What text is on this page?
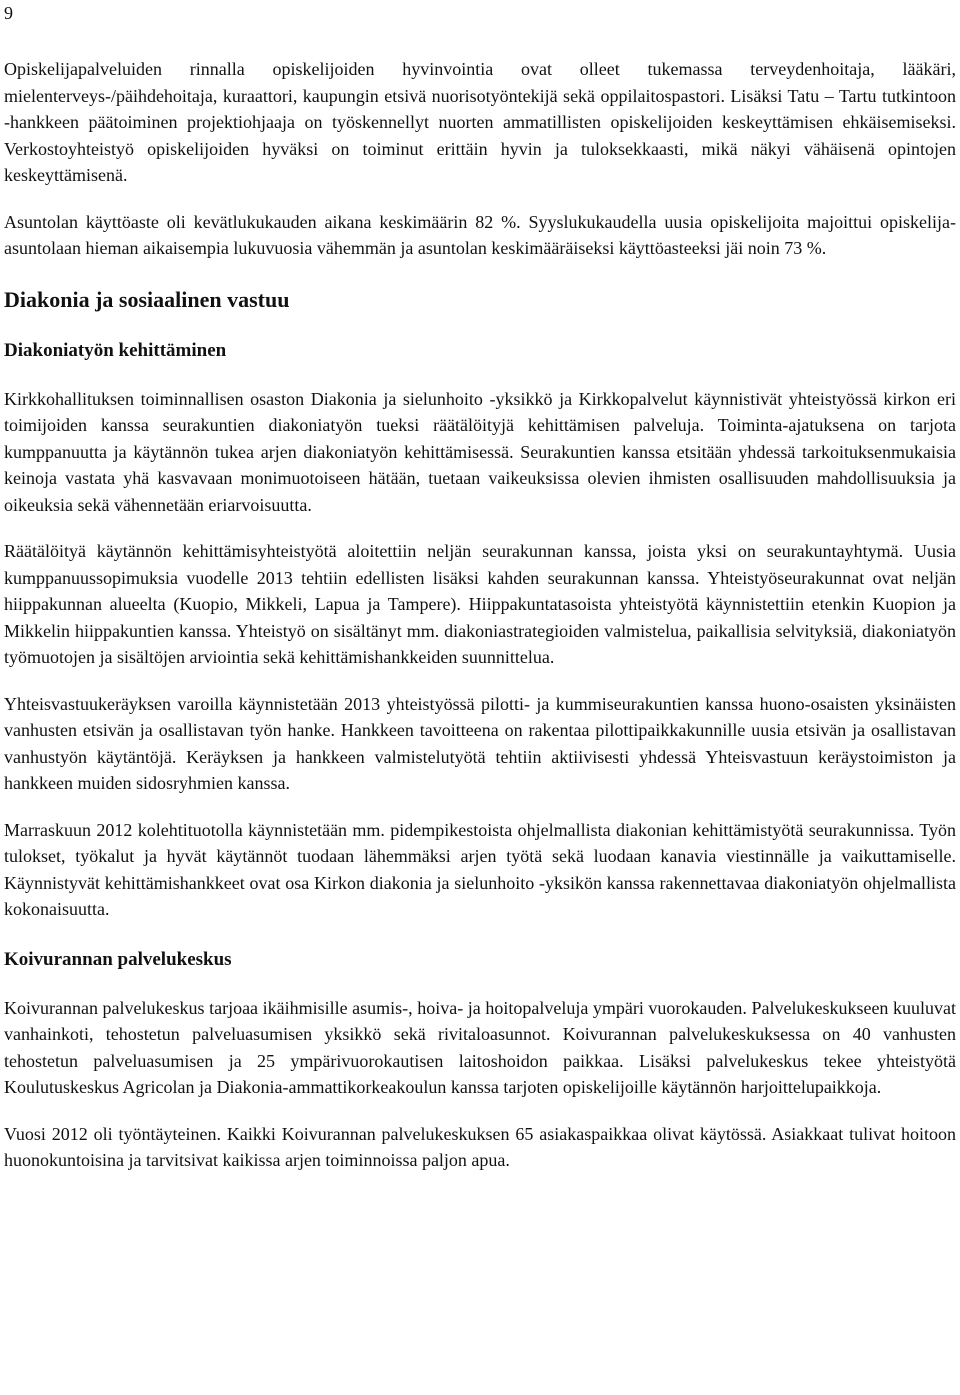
9

Opiskelijapalveluiden rinnalla opiskelijoiden hyvinvointia ovat olleet tukemassa terveydenhoitaja, lääkäri, mielenterveys-/päihdehoitaja, kuraattori, kaupungin etsivä nuorisotyöntekijä sekä oppilaitospastori. Lisäksi Tatu – Tartu tutkintoon -hankkeen päätoiminen projektiohjaaja on työskennellyt nuorten ammatillisten opiskelijoiden keskeyttämisen ehkäisemiseksi. Verkostoyhteistyö opiskelijoiden hyväksi on toiminut erittäin hyvin ja tuloksekkaasti, mikä näkyi vähäisenä opintojen keskeyttämisenä.

Asuntolan käyttöaste oli kevätlukukauden aikana keskimäärin 82 %. Syyslukukaudella uusia opiskelijoita majoittui opiskelija-asuntolaan hieman aikaisempia lukuvuosia vähemmän ja asuntolan keskimääräiseksi käyttöasteeksi jäi noin 73 %.

Diakonia ja sosiaalinen vastuu
Diakoniatyön kehittäminen

Kirkkohallituksen toiminnallisen osaston Diakonia ja sielunhoito -yksikkö ja Kirkkopalvelut käynnistivät yhteistyössä kirkon eri toimijoiden kanssa seurakuntien diakoniatyön tueksi räätälöityjä kehittämisen palveluja. Toiminta-ajatuksena on tarjota kumppanuutta ja käytännön tukea arjen diakoniatyön kehittämisessä. Seurakuntien kanssa etsitään yhdessä tarkoituksenmukaisia keinoja vastata yhä kasvavaan monimuotoiseen hätään, tuetaan vaikeuksissa olevien ihmisten osallisuuden mahdollisuuksia ja oikeuksia sekä vähennetään eriarvoisuutta.

Räätälöityä käytännön kehittämisyhteistyötä aloitettiin neljän seurakunnan kanssa, joista yksi on seurakuntayhtymä. Uusia kumppanuussopimuksia vuodelle 2013 tehtiin edellisten lisäksi kahden seurakunnan kanssa. Yhteistyöseurakunnat ovat neljän hiippakunnan alueelta (Kuopio, Mikkeli, Lapua ja Tampere). Hiippakuntatasoista yhteistyötä käynnistettiin etenkin Kuopion ja Mikkelin hiippakuntien kanssa. Yhteistyö on sisältänyt mm. diakoniastrategioiden valmistelua, paikallisia selvityksiä, diakoniatyön työmuotojen ja sisältöjen arviointia sekä kehittämishankkeiden suunnittelua.

Yhteisvastuukeräyksen varoilla käynnistetään 2013 yhteistyössä pilotti- ja kummiseurakuntien kanssa huono-osaisten yksinäisten vanhusten etsivän ja osallistavan työn hanke. Hankkeen tavoitteena on rakentaa pilottipaikkakunnille uusia etsivän ja osallistavan vanhustyön käytäntöjä. Keräyksen ja hankkeen valmistelutyötä tehtiin aktiivisesti yhdessä Yhteisvastuun keräystoimiston ja hankkeen muiden sidosryhmien kanssa.

Marraskuun 2012 kolehtituotolla käynnistetään mm. pidempikestoista ohjelmallista diakonian kehittämistyötä seurakunnissa. Työn tulokset, työkalut ja hyvät käytännöt tuodaan lähemmäksi arjen työtä sekä luodaan kanavia viestinnälle ja vaikuttamiselle. Käynnistyvät kehittämishankkeet ovat osa Kirkon diakonia ja sielunhoito -yksikön kanssa rakennettavaa diakoniatyön ohjelmallista kokonaisuutta.

Koivurannan palvelukeskus

Koivurannan palvelukeskus tarjoaa ikäihmisille asumis-, hoiva- ja hoitopalveluja ympäri vuorokauden. Palvelukeskukseen kuuluvat vanhainkoti, tehostetun palveluasumisen yksikkö sekä rivitaloasunnot. Koivurannan palvelukeskuksessa on 40 vanhusten tehostetun palveluasumisen ja 25 ympärivuorokautisen laitoshoidon paikkaa. Lisäksi palvelukeskus tekee yhteistyötä Koulutuskeskus Agricolan ja Diakonia-ammattikorkeakoulun kanssa tarjoten opiskelijoille käytännön harjoittelupaikkoja.

Vuosi 2012 oli työntäyteinen. Kaikki Koivurannan palvelukeskuksen 65 asiakaspaikkaa olivat käytössä. Asiakkaat tulivat hoitoon huonokuntoisina ja tarvitsivat kaikissa arjen toiminnoissa paljon apua.
